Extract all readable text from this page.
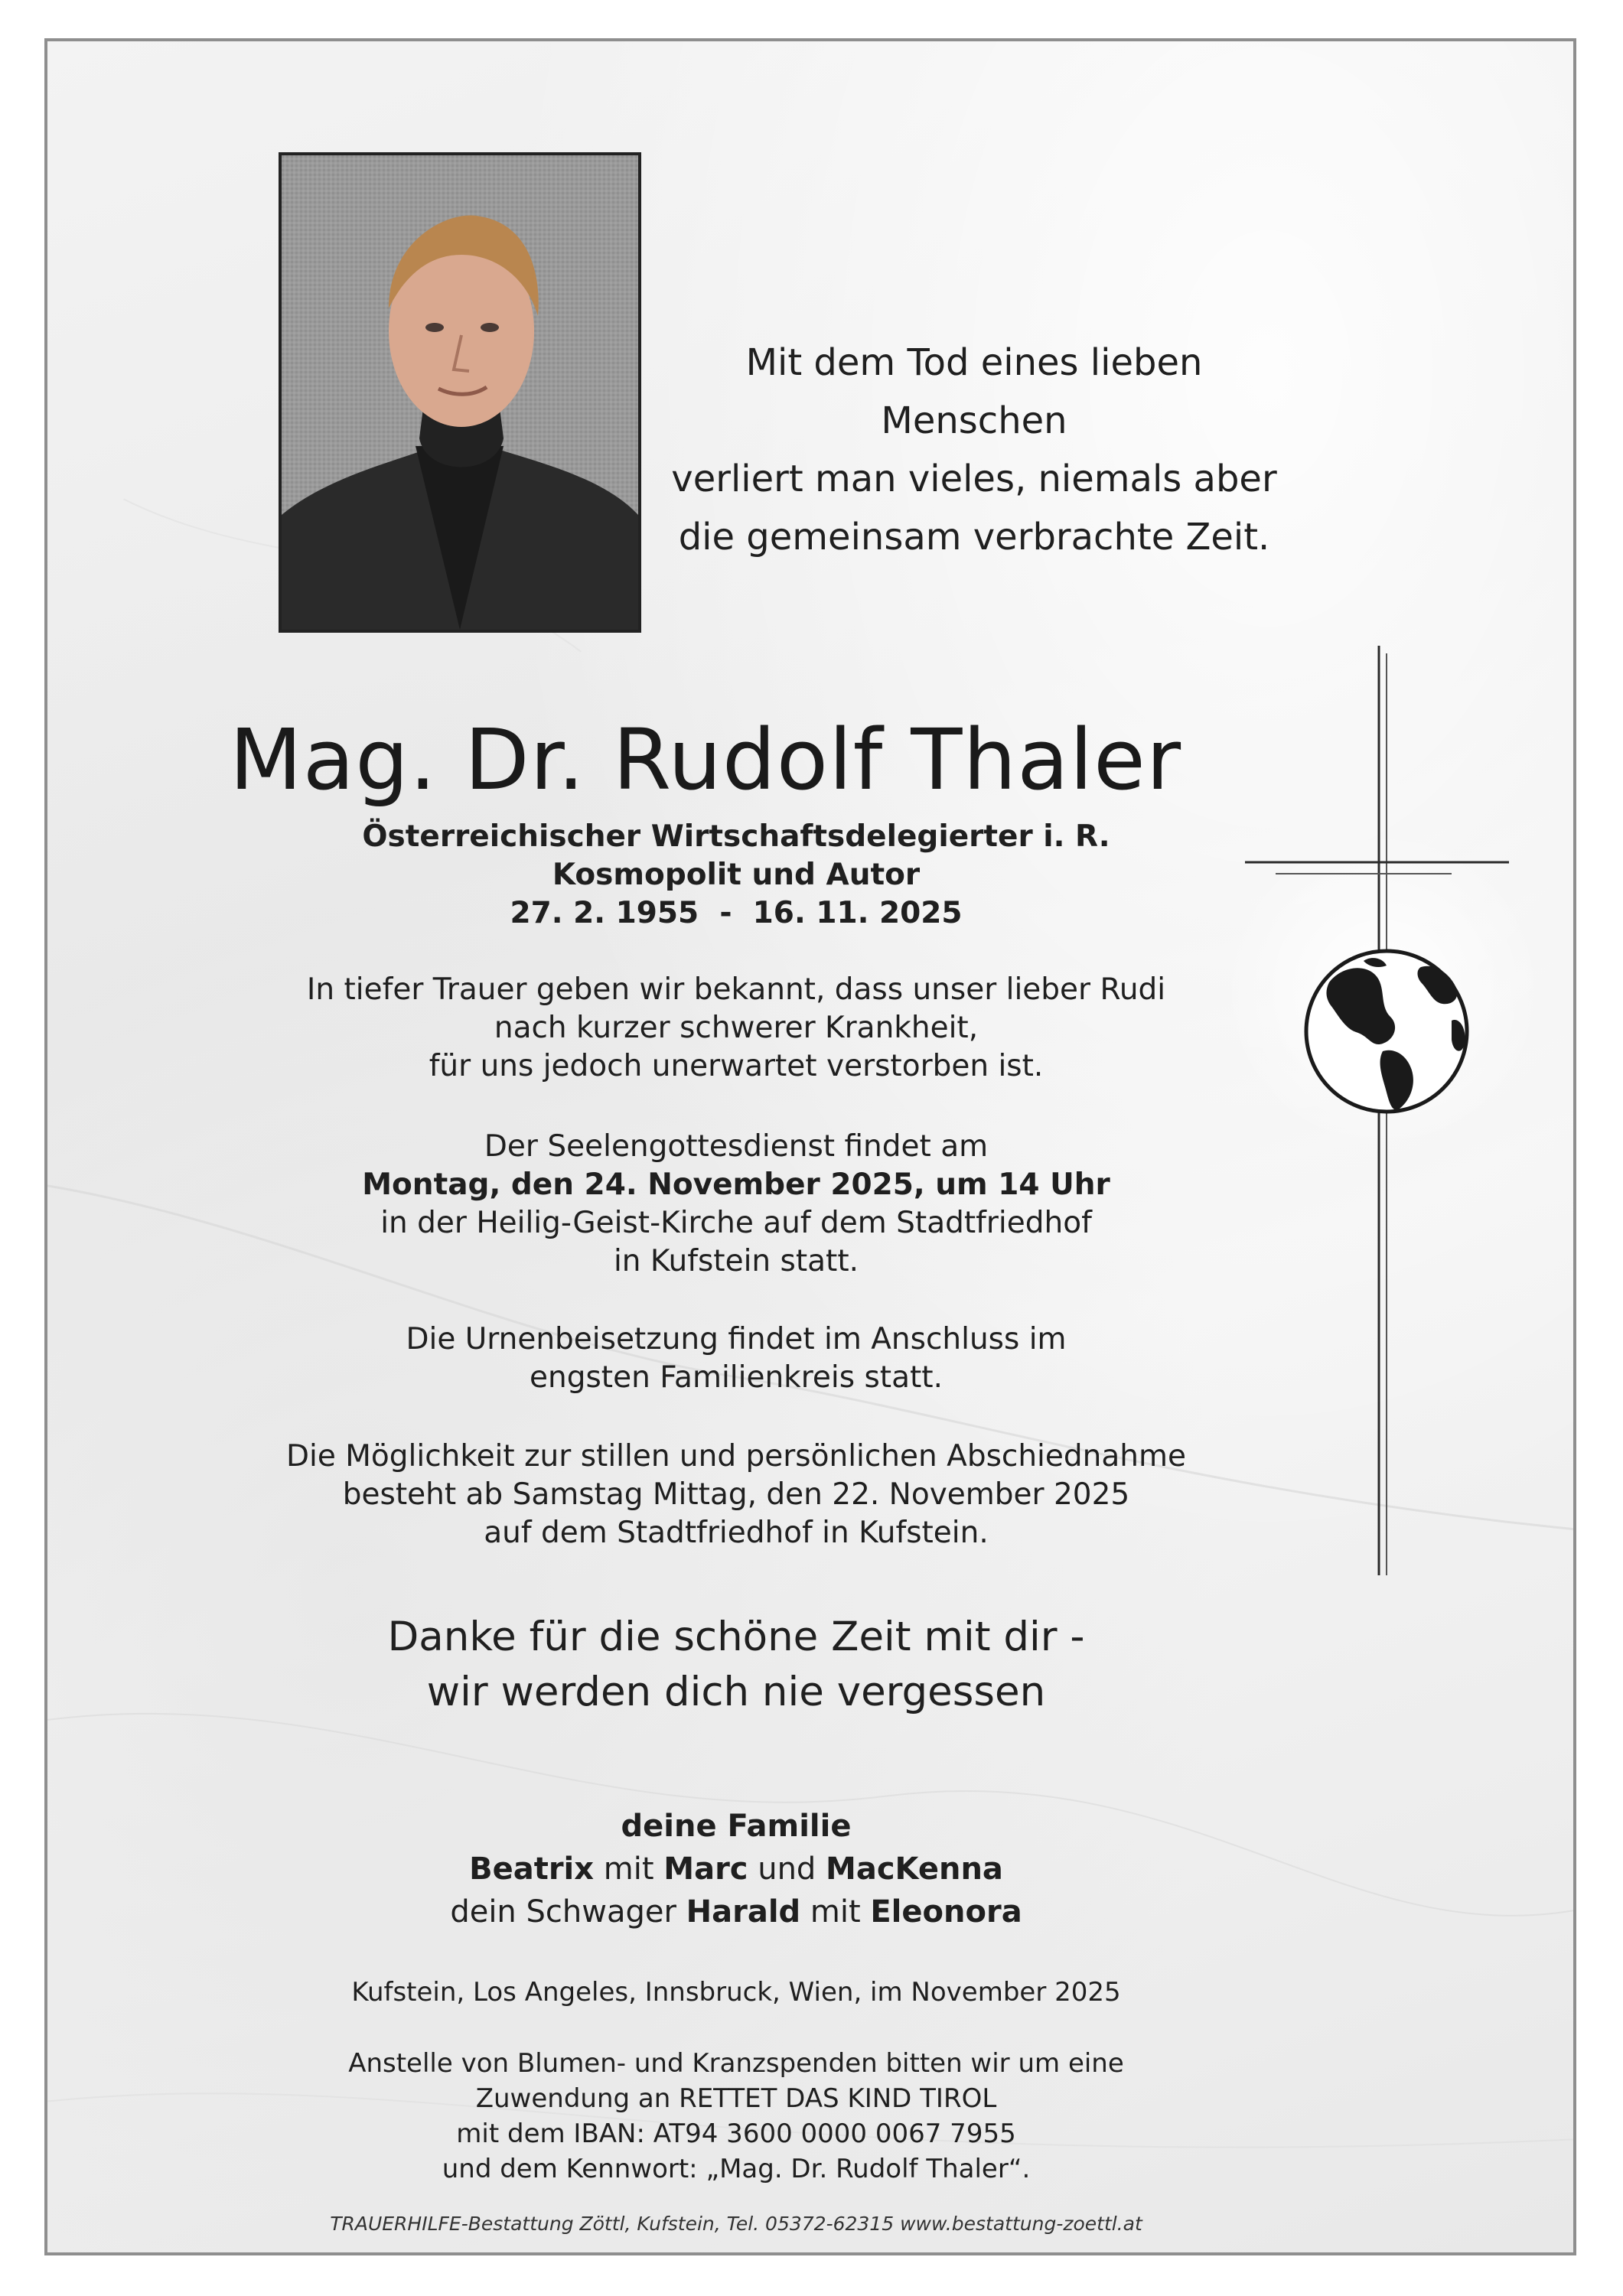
Mit dem Tod eines lieben Menschen
verliert man vieles, niemals aber
die gemeinsam verbrachte Zeit.
Mag. Dr. Rudolf Thaler
Österreichischer Wirtschaftsdelegierter i. R.
Kosmopolit und Autor
27. 2. 1955  -  16. 11. 2025
In tiefer Trauer geben wir bekannt, dass unser lieber Rudi
nach kurzer schwerer Krankheit,
für uns jedoch unerwartet verstorben ist.
Der Seelengottesdienst findet am
Montag, den 24. November 2025, um 14 Uhr
in der Heilig-Geist-Kirche auf dem Stadtfriedhof
in Kufstein statt.
Die Urnenbeisetzung findet im Anschluss im
engsten Familienkreis statt.
Die Möglichkeit zur stillen und persönlichen Abschiednahme
besteht ab Samstag Mittag, den 22. November 2025
auf dem Stadtfriedhof in Kufstein.
Danke für die schöne Zeit mit dir -
wir werden dich nie vergessen
deine Familie
Beatrix mit Marc und MacKenna
dein Schwager Harald mit Eleonora
Kufstein, Los Angeles, Innsbruck, Wien, im November 2025
Anstelle von Blumen- und Kranzspenden bitten wir um eine
Zuwendung an RETTET DAS KIND TIROL
mit dem IBAN: AT94 3600 0000 0067 7955
und dem Kennwort: „Mag. Dr. Rudolf Thaler“.
TRAUERHILFE-Bestattung Zöttl, Kufstein, Tel. 05372-62315 www.bestattung-zoettl.at
